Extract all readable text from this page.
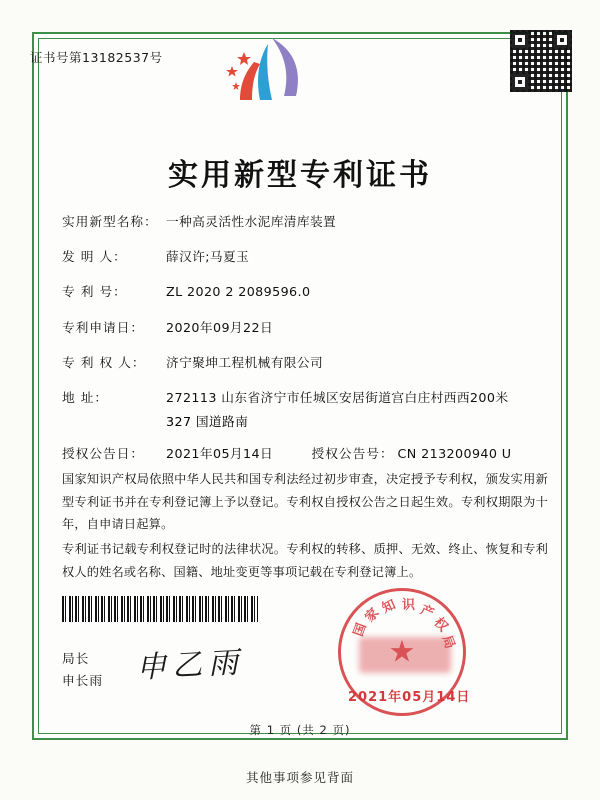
证书号第13182537号
实用新型专利证书
实用新型名称： 一种高灵活性水泥库清库装置
发 明 人：	薛汉许;马夏玉
专 利 号：	ZL 2020 2 2089596.0
专利申请日：	2020年09月22日
专 利 权 人：	济宁聚坤工程机械有限公司
地 址：	272113 山东省济宁市任城区安居街道宫白庄村西西200米
327 国道路南
授权公告日：	2021年05月14日	授权公告号： CN 213200940 U
国家知识产权局依照中华人民共和国专利法经过初步审查，决定授予专利权，颁发实用新型专利证书并在专利登记簿上予以登记。专利权自授权公告之日起生效。专利权期限为十年，自申请日起算。
专利证书记载专利权登记时的法律状况。专利权的转移、质押、无效、终止、恢复和专利权人的姓名或名称、国籍、地址变更等事项记载在专利登记簿上。
局长
申长雨 申乙雨
国
家
知 识 产
权
局
★
2021年05月14日
第 1 页 (共 2 页)
其他事项参见背面
